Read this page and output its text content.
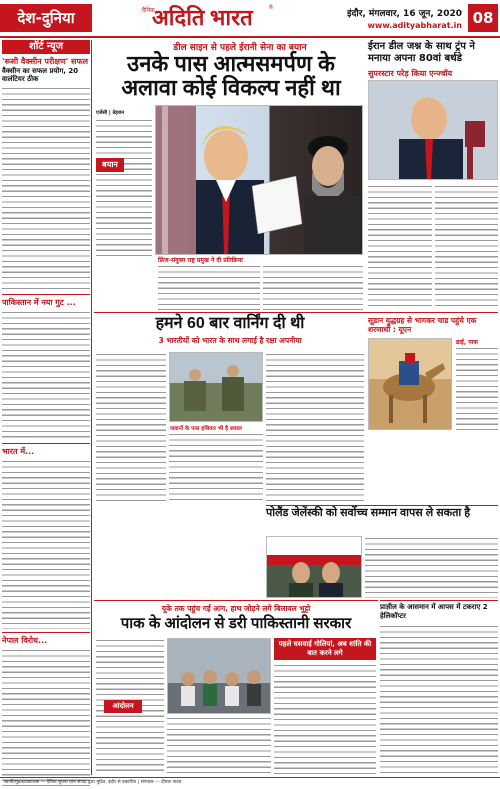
देश-दुनिया	दैनिक
अदिति भारत	®
इंदौर, मंगलवार, 16 जून, 2020
www.adityabharat.in 08
शॉर्ट न्यूज
'रूसी वैक्सीन परीक्षण' सफल
वैक्सीन का सफल प्रयोग, 20 वालंटियर ठीक
पाकिस्तान में नया गुट ...
भारत में...
नेपाल विरोध...
डील साइन से पहले ईरानी सेना का बयान
उनके पास आत्मसमर्पण के
अलावा कोई विकल्प नहीं था
एजेंसी | तेहरान
बयान
फ्रिंज-संयुक्त राष्ट्र प्रमुख ने दी प्रतिक्रिया
ईरान डील जश्न के साथ ट्रंप ने मनाया अपना 80वां बर्थडे
सुपरस्टार परेड़ किया एन्ज्वॉय
हमने 60 बार वार्निंग दी थी
3 भारतीयों को भारत के साथ लगाई है रक्षा अपनीया
जवानों के पास हथियार भी है सवाल
सूडान युद्धग्रह से भागकर चाड पहुंचे एक शरणार्थी : यूएन
ढाई, पाक
पोलैंड जेलेंस्की को सर्वोच्च सम्मान वापस ले सकता है
प्राज्ञील के आसमान में आपस में टकराए 2 हेलिकॉप्टर
यूके तक पहुंच गई आग, हाथ जोड़ने लगे बिलावल भुट्टो
पाक के आंदोलन से डरी पाकिस्तानी सरकार
आंदोलन
पहले घसवाई गोलियां, अब शांति की बात करने लगे
स्वामी/मुद्रक/प्रकाशक — दैनिक सूचना ग्राम संपदा द्वारा मुद्रित, इंदौर से प्रकाशित | संपादक — दीपक यादव
